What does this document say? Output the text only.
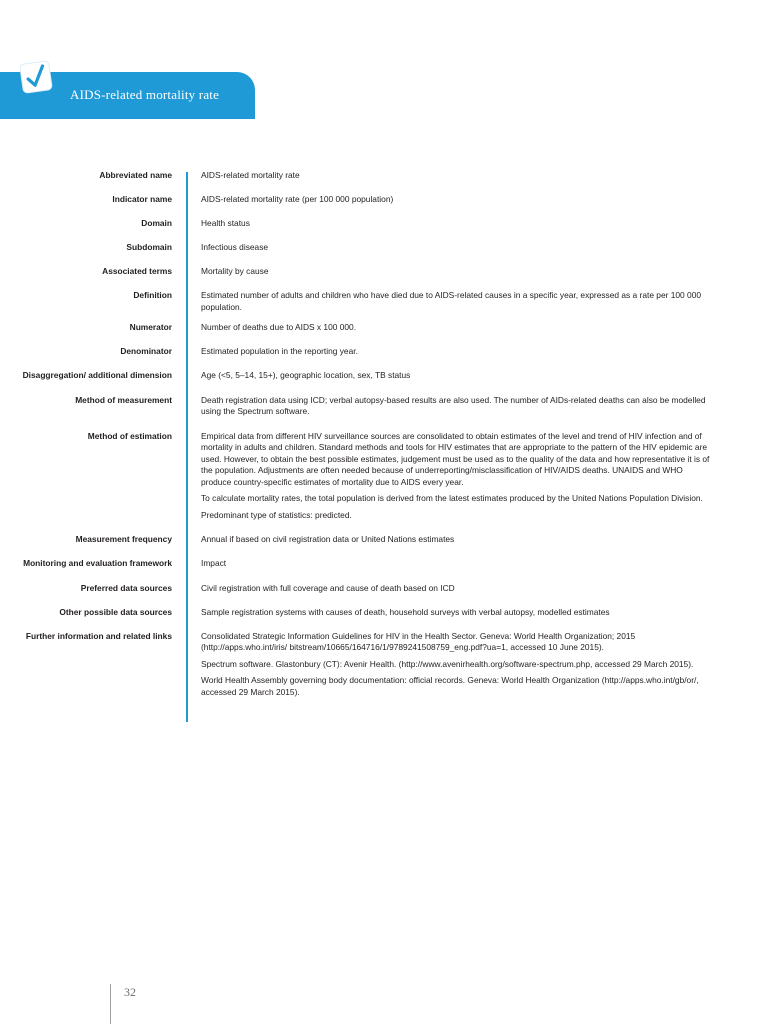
AIDS-related mortality rate
Abbreviated name	AIDS-related mortality rate

Indicator name	AIDS-related mortality rate (per 100 000 population)

Domain	Health status

Subdomain	Infectious disease

Associated terms	Mortality by cause

Definition	Estimated number of adults and children who have died due to AIDS-related causes in a specific year, expressed as a rate per 100 000 population.

Numerator	Number of deaths due to AIDS x 100 000.

Denominator	Estimated population in the reporting year.

Disaggregation/ additional dimension	Age (<5, 5–14, 15+), geographic location, sex, TB status

Method of measurement	Death registration data using ICD; verbal autopsy-based results are also used. The number of AIDs-related deaths can also be modelled using the Spectrum software.

Method of estimation	Empirical data from different HIV surveillance sources are consolidated to obtain estimates of the level and trend of HIV infection and of mortality in adults and children. Standard methods and tools for HIV estimates that are appropriate to the pattern of the HIV epidemic are used. However, to obtain the best possible estimates, judgement must be used as to the quality of the data and how representative it is of the population. Adjustments are often needed because of underreporting/misclassification of HIV/AIDS deaths. UNAIDS and WHO produce country-specific estimates of mortality due to AIDS every year.

To calculate mortality rates, the total population is derived from the latest estimates produced by the United Nations Population Division.

Predominant type of statistics: predicted.

Measurement frequency	Annual if based on civil registration data or United Nations estimates

Monitoring and evaluation framework	Impact

Preferred data sources	Civil registration with full coverage and cause of death based on ICD

Other possible data sources	Sample registration systems with causes of death, household surveys with verbal autopsy, modelled estimates

Further information and related links	Consolidated Strategic Information Guidelines for HIV in the Health Sector. Geneva: World Health Organization; 2015 (http://apps.who.int/iris/ bitstream/10665/164716/1/9789241508759_eng.pdf?ua=1, accessed 10 June 2015).

Spectrum software. Glastonbury (CT): Avenir Health. (http://www.avenirhealth.org/software-spectrum.php, accessed 29 March 2015).

World Health Assembly governing body documentation: official records. Geneva: World Health Organization (http://apps.who.int/gb/or/, accessed 29 March 2015).

32
